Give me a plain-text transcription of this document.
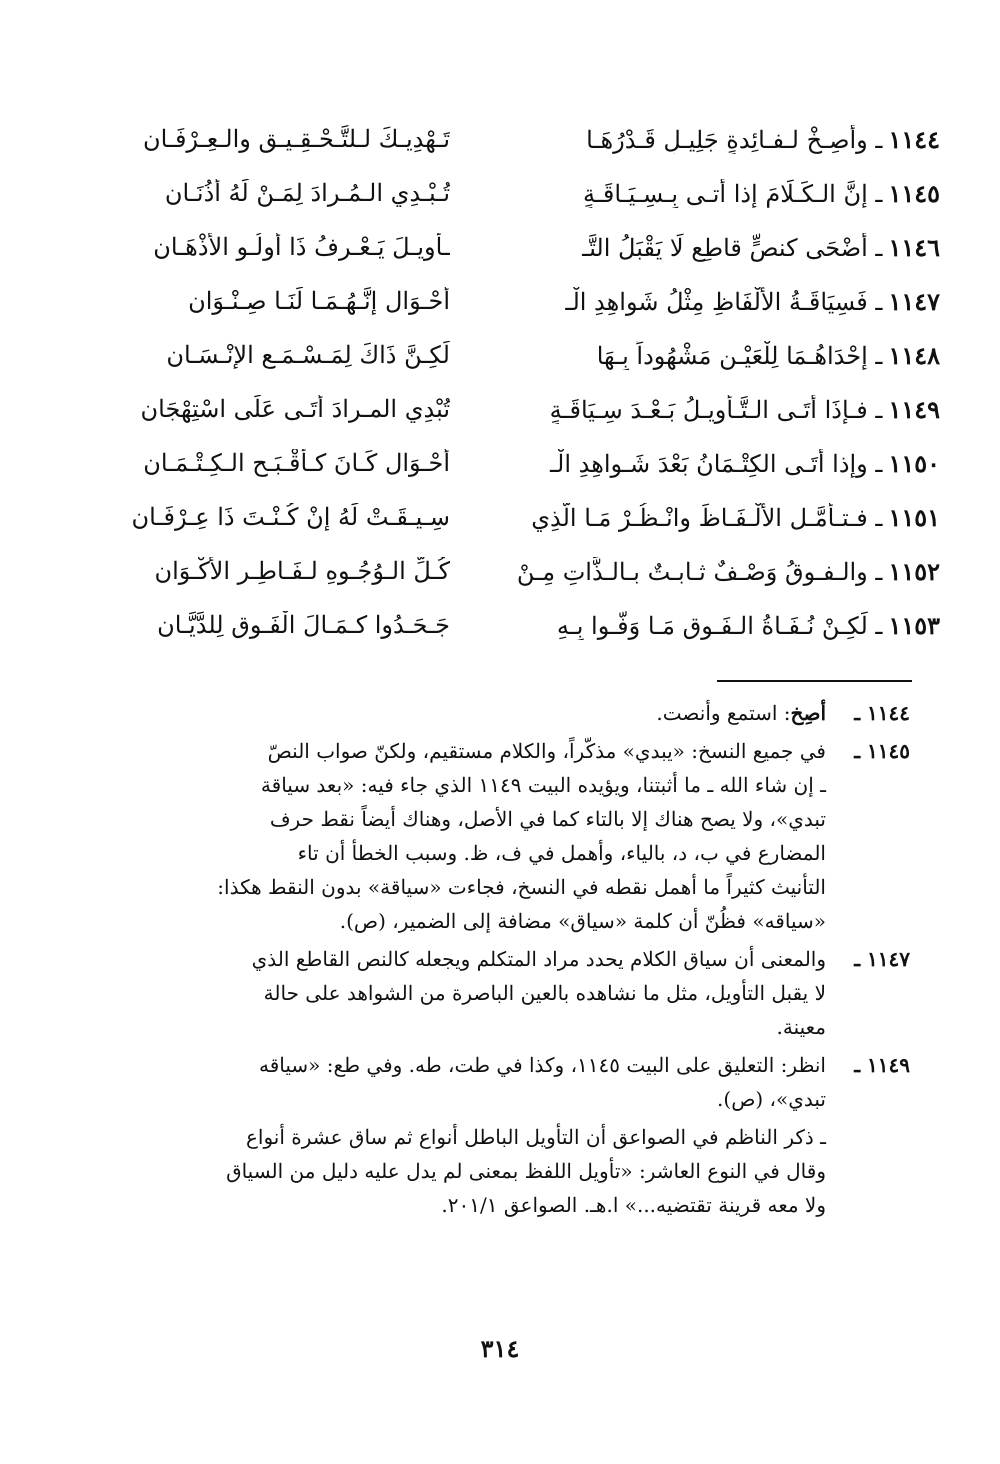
١١٤٤ـ وأصِـخْ لـفـائِدةٍ جَلِيـلٍ قَـدْرُهَـا
تَـهْدِيـكَ لـلتَّـحْـقِـيـقِ والـعِـرْفَـانِ
١١٤٥ـ إنَّ الـكَـلَامَ إذا أتـى بِـسِـيَـاقَـةٍ
تُـبْـدِي الـمُـرادَ لِمَـنْ لَهُ أُذُنَـانِ
١١٤٦ـ أضْحَى كنصٍّ قاطِعٍ لَا يَقْبَلُ التَّـ
ـأويـلَ يَـعْـرِفُ ذَا أُولُـو الأذْهَـانِ
١١٤٧ـ فَسِيَاقَـةُ الألْفَاظِ مِثْلُ شَواهِدِ الْـ
أحْـوَالِ إنَّـهُـمَـا لَنَـا صِـنْـوَانِ
١١٤٨ـ إحْدَاهُـمَا لِلْعَيْـنِ مَشْهُوداً بِـهَا
لَكِـنَّ ذَاكَ لِمَـسْـمَـعِ الإنْـسَـانِ
١١٤٩ـ فـإذَا أتَـى الـتَّـأويـلُ بَـعْـدَ سِـيَاقَـةٍ
تُبْدِي المـرادَ أتَـى عَلَى اسْتِهْجَانِ
١١٥٠ـ وإذا أتَـى الكِتْـمَانُ بَعْدَ شَـواهِدِ الْـ
أحْـوَالِ كَـانَ كـأقْـبَـحِ الـكِـتْـمَـانِ
١١٥١ـ فـتـأمَّـلِ الألْـفَـاظَ وانْـظُـرْ مَـا الَّذِي
سِـيـقَـتْ لَهُ إنْ كُـنْـتَ ذَا عِـرْفَـانِ
١١٥٢ـ والـفـوقُ وَصْـفٌ ثـابـتٌ بـالـذَّاتِ مِـنْ
كُـلِّ الـوُجُـوهِ لـفَـاطِـرِ الأكْـوَانِ
١١٥٣ـ لَكِـنْ نُـفَـاةُ الـفَـوقِ مَـا وَفَّـوا بِـهِ
جَـحَـدُوا كـمَـالَ الْفَـوقِ لِلدَّيَّـانِ
١١٤٤ ـ
أصِخ: استمع وأنصت.
١١٤٥ ـ

في جميع النسخ: «يبدي» مذكّراً، والكلام مستقيم، ولكنّ صواب النصّ

ـ إن شاء الله ـ ما أثبتنا، ويؤيده البيت ١١٤٩ الذي جاء فيه: «بعد سياقة

تبدي»، ولا يصح هناك إلا بالتاء كما في الأصل، وهناك أيضاً نقط حرف

المضارع في ب، د، بالياء، وأهمل في ف، ظ. وسبب الخطأ أن تاء

التأنيث كثيراً ما أهمل نقطه في النسخ، فجاءت «سياقة» بدون النقط هكذا:

«سياقه» فظُنّ أن كلمة «سياق» مضافة إلى الضمير، (ص).

١١٤٧ ـ

والمعنى أن سياق الكلام يحدد مراد المتكلم ويجعله كالنص القاطع الذي

لا يقبل التأويل، مثل ما نشاهده بالعين الباصرة من الشواهد على حالة

معينة.

١١٤٩ ـ

انظر: التعليق على البيت ١١٤٥، وكذا في طت، طه. وفي طع: «سياقه

تبدي»، (ص).

ـ ذكر الناظم في الصواعق أن التأويل الباطل أنواع ثم ساق عشرة أنواع

وقال في النوع العاشر: «تأويل اللفظ بمعنى لم يدل عليه دليل من السياق

ولا معه قرينة تقتضيه...» ا.هـ. الصواعق ٢٠١/١.

٣١٤
